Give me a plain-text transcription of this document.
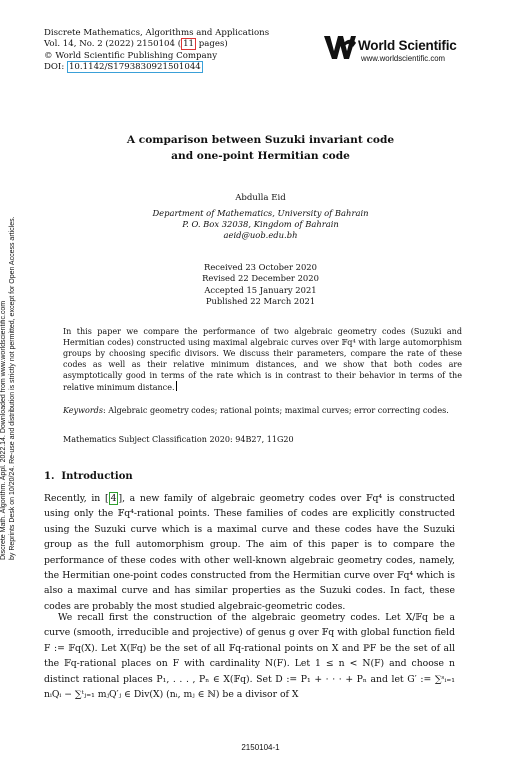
Discrete Mathematics, Algorithms and Applications
Vol. 14, No. 2 (2022) 2150104 ( 11 pages)
© World Scientific Publishing Company
DOI: 10.1142/S1793830921501044
World Scientific
www.worldscientific.com
Discrete Math. Algorithm. Appl. 2022.14. Downloaded from www.worldscientific.com by Reprints Desk on 10/20/24. Re-use and distribution is strictly not permitted, except for Open Access articles.
A comparison between Suzuki invariant code
and one-point Hermitian code
Abdulla Eid
Department of Mathematics, University of Bahrain
P. O. Box 32038, Kingdom of Bahrain
aeid@uob.edu.bh
Received 23 October 2020
Revised 22 December 2020
Accepted 15 January 2021
Published 22 March 2021
In this paper we compare the performance of two algebraic geometry codes (Suzuki and Hermitian codes) constructed using maximal algebraic curves over 𝔽q⁴ with large automorphism groups by choosing specific divisors. We discuss their parameters, compare the rate of these codes as well as their relative minimum distances, and we show that both codes are asymptotically good in terms of the rate which is in contrast to their behavior in terms of the relative minimum distance.
Keywords: Algebraic geometry codes; rational points; maximal curves; error correcting codes.
Mathematics Subject Classification 2020: 94B27, 11G20
1. Introduction
Recently, in [ 4 ], a new family of algebraic geometry codes over 𝔽q⁴ is constructed using only the 𝔽q⁴-rational points. These families of codes are explicitly constructed using the Suzuki curve which is a maximal curve and these codes have the Suzuki group as the full automorphism group. The aim of this paper is to compare the performance of these codes with other well-known algebraic geometry codes, namely, the Hermitian one-point codes constructed from the Hermitian curve over 𝔽q⁴ which is also a maximal curve and has similar properties as the Suzuki codes. In fact, these codes are probably the most studied algebraic-geometric codes.
We recall first the construction of the algebraic geometry codes. Let X/𝔽q be a curve (smooth, irreducible and projective) of genus g over 𝔽q with global function field F := 𝔽q(X). Let X(𝔽q) be the set of all 𝔽q-rational points on X and ℙF be the set of all the 𝔽q-rational places on F with cardinality N(F). Let 1 ≤ n < N(F) and choose n distinct rational places P₁, . . . , Pₙ ∈ X(𝔽q). Set D := P₁ + · · · + Pₙ and let G′ := ∑ˢᵢ₌₁ nᵢQᵢ − ∑ᵗⱼ₌₁ mⱼQ′ⱼ ∈ Div(X) (nᵢ, mⱼ ∈ ℕ) be a divisor of X
2150104-1
